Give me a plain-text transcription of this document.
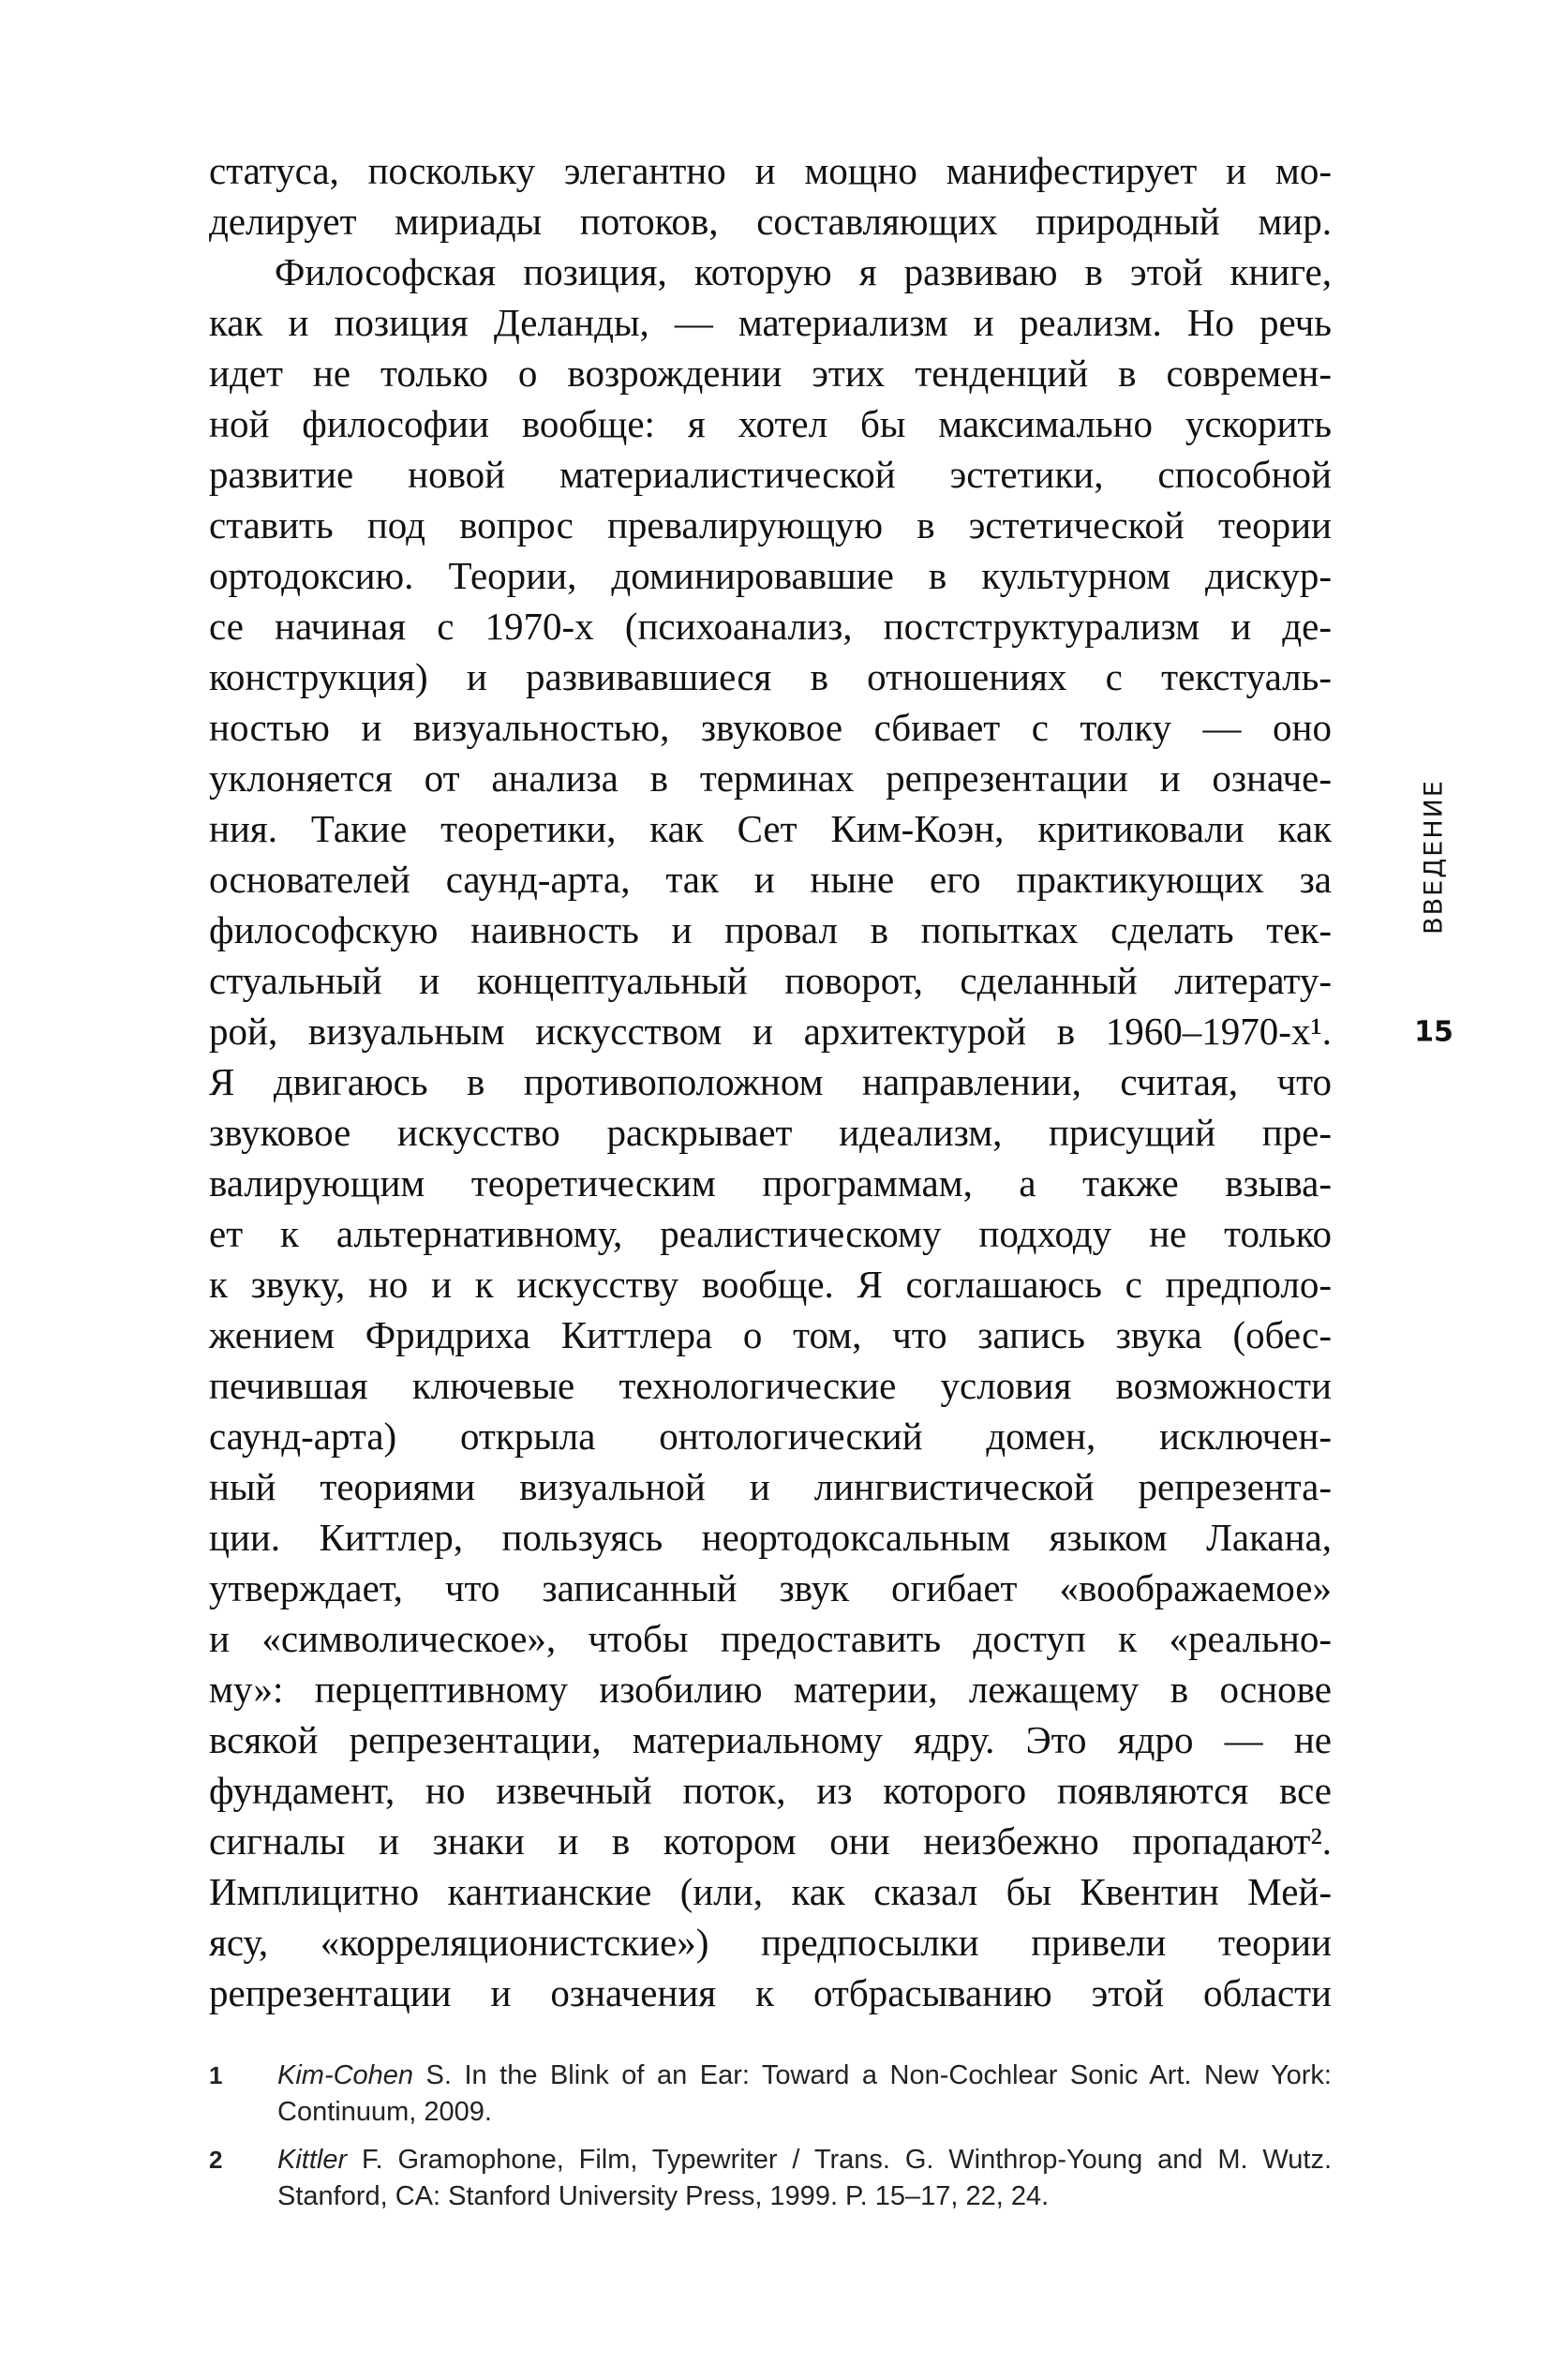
статуса, поскольку элегантно и мощно манифестирует и мо-
делирует мириады потоков, составляющих природный мир.
Философская позиция, которую я развиваю в этой книге,
как и позиция Деланды, — материализм и реализм. Но речь
идет не только о возрождении этих тенденций в современ-
ной философии вообще: я хотел бы максимально ускорить
развитие новой материалистической эстетики, способной
ставить под вопрос превалирующую в эстетической теории
ортодоксию. Теории, доминировавшие в культурном дискур-
се начиная с 1970-х (психоанализ, постструктурализм и де-
конструкция) и развивавшиеся в отношениях с текстуаль-
ностью и визуальностью, звуковое сбивает с толку — оно
уклоняется от анализа в терминах репрезентации и означе-
ния. Такие теоретики, как Сет Ким-Коэн, критиковали как
основателей саунд-арта, так и ныне его практикующих за
философскую наивность и провал в попытках сделать тек-
стуальный и концептуальный поворот, сделанный литерату-
рой, визуальным искусством и архитектурой в 1960–1970-х¹.
Я двигаюсь в противоположном направлении, считая, что
звуковое искусство раскрывает идеализм, присущий пре-
валирующим теоретическим программам, а также взыва-
ет к альтернативному, реалистическому подходу не только
к звуку, но и к искусству вообще. Я соглашаюсь с предполо-
жением Фридриха Киттлера о том, что запись звука (обес-
печившая ключевые технологические условия возможности
саунд-арта) открыла онтологический домен, исключен-
ный теориями визуальной и лингвистической репрезента-
ции. Киттлер, пользуясь неортодоксальным языком Лакана,
утверждает, что записанный звук огибает «воображаемое»
и «символическое», чтобы предоставить доступ к «реально-
му»: перцептивному изобилию материи, лежащему в основе
всякой репрезентации, материальному ядру. Это ядро — не
фундамент, но извечный поток, из которого появляются все
сигналы и знаки и в котором они неизбежно пропадают².
Имплицитно кантианские (или, как сказал бы Квентин Мей-
ясу, «корреляционистские») предпосылки привели теории
репрезентации и означения к отбрасыванию этой области
1	Kim-Cohen S. In the Blink of an Ear: Toward a Non-Cochlear Sonic Art. New York: Continuum, 2009.
2	Kittler F. Gramophone, Film, Typewriter / Trans. G. Winthrop-Young and M. Wutz. Stanford, CA: Stanford University Press, 1999. P. 15–17, 22, 24.
ВВЕДЕНИЕ
15
